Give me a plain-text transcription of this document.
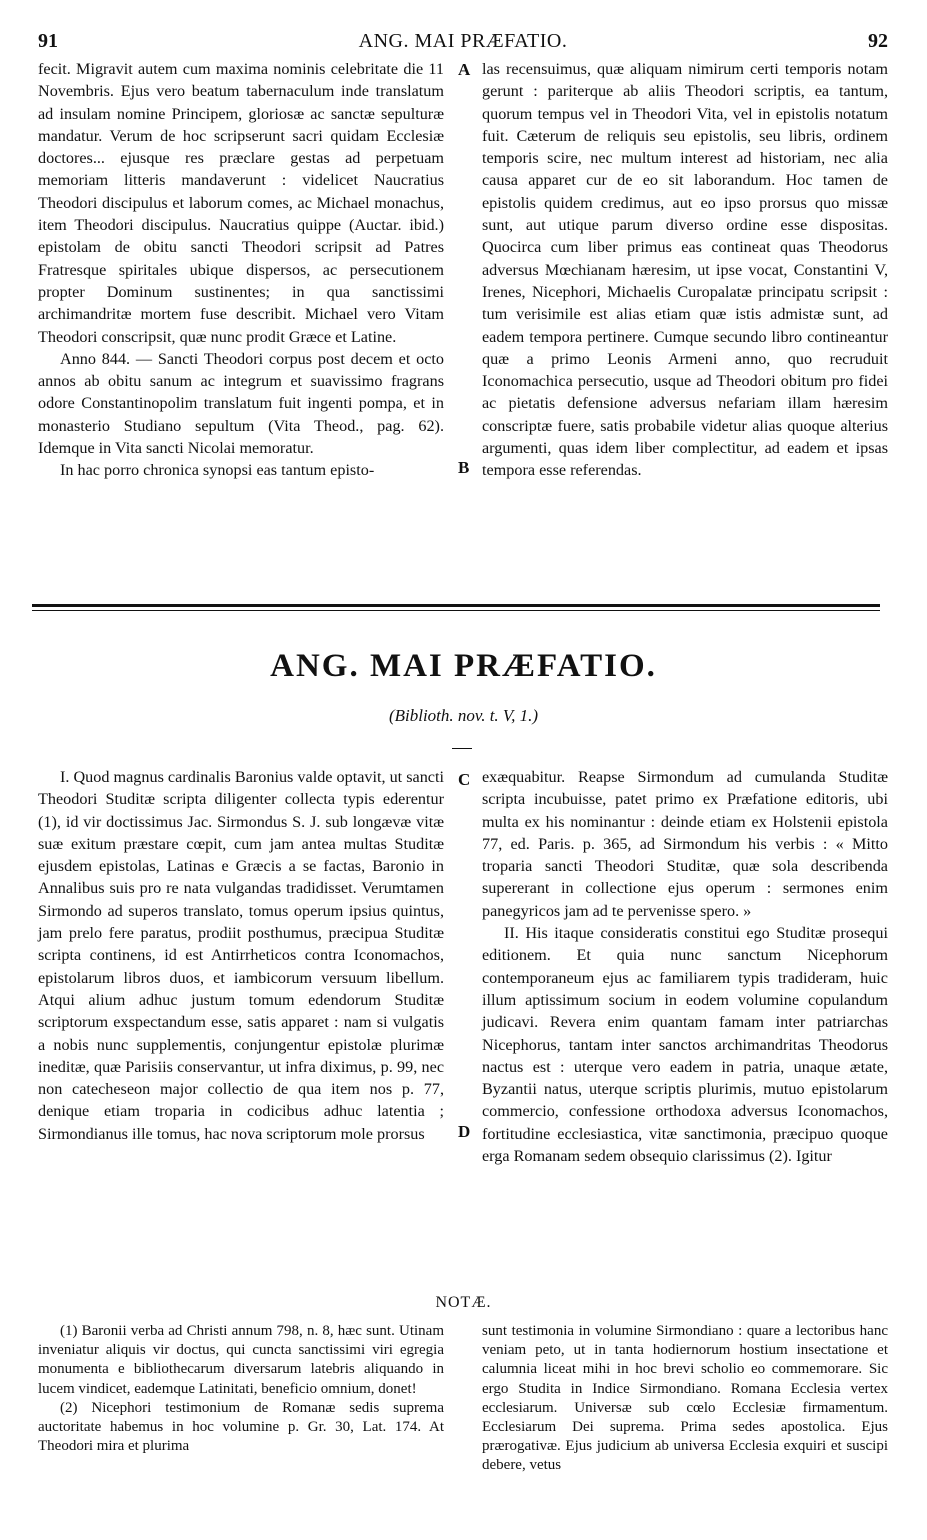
91	ANG. MAI PRÆFATIO.	92

fecit. Migravit autem cum maxima nominis celebritate die 11 Novembris. Ejus vero beatum tabernaculum inde translatum ad insulam nomine Principem, gloriosæ ac sanctæ sepulturæ mandatur. Verum de hoc scripserunt sacri quidam Ecclesiæ doctores... ejusque res præclare gestas ad perpetuam memoriam litteris mandaverunt : videlicet Naucratius Theodori discipulus et laborum comes, ac Michael monachus, item Theodori discipulus. Naucratius quippe (Auctar. ibid.) epistolam de obitu sancti Theodori scripsit ad Patres Fratresque spiritales ubique dispersos, ac persecutionem propter Dominum sustinentes; in qua sanctissimi archimandritæ mortem fuse describit. Michael vero Vitam Theodori conscripsit, quæ nunc prodit Græce et Latine.

Anno 844. — Sancti Theodori corpus post decem et octo annos ab obitu sanum ac integrum et suavissimo fragrans odore Constantinopolim translatum fuit ingenti pompa, et in monasterio Studiano sepultum (Vita Theod., pag. 62). Idemque in Vita sancti Nicolai memoratur.

In hac porro chronica synopsi eas tantum episto-

las recensuimus, quæ aliquam nimirum certi temporis notam gerunt : pariterque ab aliis Theodori scriptis, ea tantum, quorum tempus vel in Theodori Vita, vel in epistolis notatum fuit. Cæterum de reliquis seu epistolis, seu libris, ordinem temporis scire, nec multum interest ad historiam, nec alia causa apparet cur de eo sit laborandum. Hoc tamen de epistolis quidem credimus, aut eo ipso prorsus quo missæ sunt, aut utique parum diverso ordine esse dispositas. Quocirca cum liber primus eas contineat quas Theodorus adversus Mœchianam hæresim, ut ipse vocat, Constantini V, Irenes, Nicephori, Michaelis Curopalatæ principatu scripsit : tum verisimile est alias etiam quæ istis admistæ sunt, ad eadem tempora pertinere. Cumque secundo libro contineantur quæ a primo Leonis Armeni anno, quo recruduit Iconomachica persecutio, usque ad Theodori obitum pro fidei ac pietatis defensione adversus nefariam illam hæresim conscriptæ fuere, satis probabile videtur alias quoque alterius argumenti, quas idem liber complectitur, ad eadem et ipsas tempora esse referendas.

A
B
ANG. MAI PRÆFATIO.
(Biblioth. nov. t. V, 1.)

I. Quod magnus cardinalis Baronius valde optavit, ut sancti Theodori Studitæ scripta diligenter collecta typis ederentur (1), id vir doctissimus Jac. Sirmondus S. J. sub longævæ vitæ suæ exitum præstare cœpit, cum jam antea multas Studitæ ejusdem epistolas, Latinas e Græcis a se factas, Baronio in Annalibus suis pro re nata vulgandas tradidisset. Verumtamen Sirmondo ad superos translato, tomus operum ipsius quintus, jam prelo fere paratus, prodiit posthumus, præcipua Studitæ scripta continens, id est Antirrheticos contra Iconomachos, epistolarum libros duos, et iambicorum versuum libellum. Atqui alium adhuc justum tomum edendorum Studitæ scriptorum exspectandum esse, satis apparet : nam si vulgatis a nobis nunc supplementis, conjungentur epistolæ plurimæ ineditæ, quæ Parisiis conservantur, ut infra diximus, p. 99, nec non catecheseon major collectio de qua item nos p. 77, denique etiam troparia in codicibus adhuc latentia ; Sirmondianus ille tomus, hac nova scriptorum mole prorsus

exæquabitur. Reapse Sirmondum ad cumulanda Studitæ scripta incubuisse, patet primo ex Præfatione editoris, ubi multa ex his nominantur : deinde etiam ex Holstenii epistola 77, ed. Paris. p. 365, ad Sirmondum his verbis : « Mitto troparia sancti Theodori Studitæ, quæ sola describenda supererant in collectione ejus operum : sermones enim panegyricos jam ad te pervenisse spero. »

II. His itaque consideratis constitui ego Studitæ prosequi editionem. Et quia nunc sanctum Nicephorum contemporaneum ejus ac familiarem typis tradideram, huic illum aptissimum socium in eodem volumine copulandum judicavi. Revera enim quantam famam inter patriarchas Nicephorus, tantam inter sanctos archimandritas Theodorus nactus est : uterque vero eadem in patria, unaque ætate, Byzantii natus, uterque scriptis plurimis, mutuo epistolarum commercio, confessione orthodoxa adversus Iconomachos, fortitudine ecclesiastica, vitæ sanctimonia, præcipuo quoque erga Romanam sedem obsequio clarissimus (2). Igitur

C
D
NOTÆ.

(1) Baronii verba ad Christi annum 798, n. 8, hæc sunt. Utinam inveniatur aliquis vir doctus, qui cuncta sanctissimi viri egregia monumenta e bibliothecarum diversarum latebris aliquando in lucem vindicet, eademque Latinitati, beneficio omnium, donet!

(2) Nicephori testimonium de Romanæ sedis suprema auctoritate habemus in hoc volumine p. Gr. 30, Lat. 174. At Theodori mira et plurima

sunt testimonia in volumine Sirmondiano : quare a lectoribus hanc veniam peto, ut in tanta hodiernorum hostium insectatione et calumnia liceat mihi in hoc brevi scholio eo commemorare. Sic ergo Studita in Indice Sirmondiano. Romana Ecclesia vertex ecclesiarum. Universæ sub cœlo Ecclesiæ firmamentum. Ecclesiarum Dei suprema. Prima sedes apostolica. Ejus prærogativæ. Ejus judicium ab universa Ecclesia exquiri et suscipi debere, vetus
